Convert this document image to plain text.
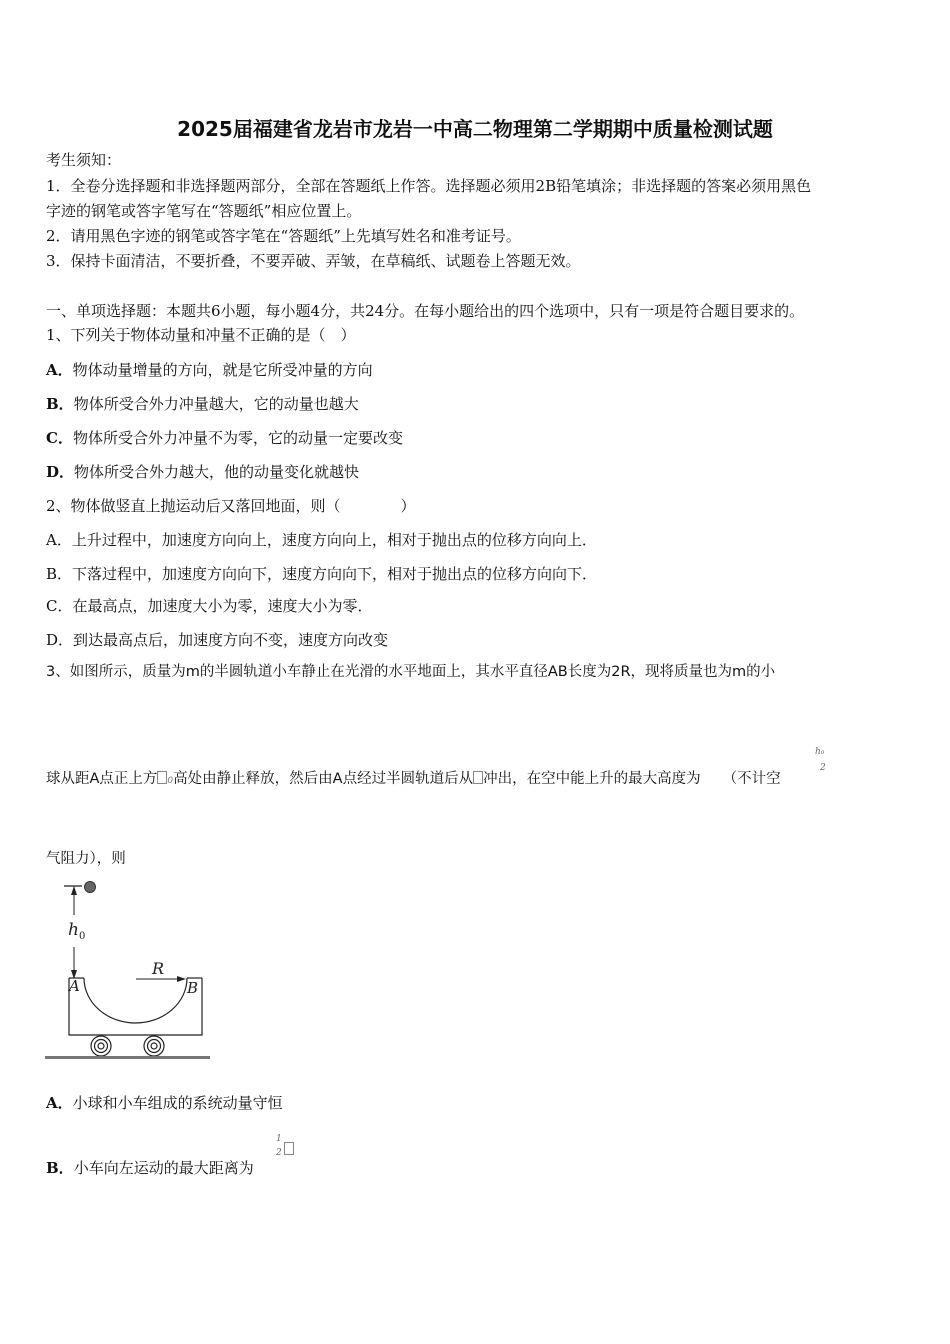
2025届福建省龙岩市龙岩一中高二物理第二学期期中质量检测试题
考生须知：
1．全卷分选择题和非选择题两部分，全部在答题纸上作答。选择题必须用2B铅笔填涂；非选择题的答案必须用黑色
字迹的钢笔或答字笔写在“答题纸”相应位置上。
2．请用黑色字迹的钢笔或答字笔在“答题纸”上先填写姓名和准考证号。
3．保持卡面清洁，不要折叠，不要弄破、弄皱，在草稿纸、试题卷上答题无效。
一、单项选择题：本题共6小题，每小题4分，共24分。在每小题给出的四个选项中，只有一项是符合题目要求的。
1、下列关于物体动量和冲量不正确的是（　）
A．物体动量增量的方向，就是它所受冲量的方向
B．物体所受合外力冲量越大，它的动量也越大
C．物体所受合外力冲量不为零，它的动量一定要改变
D．物体所受合外力越大，他的动量变化就越快
2、物体做竖直上抛运动后又落回地面，则（　　　　）
A．上升过程中，加速度方向向上，速度方向向上，相对于抛出点的位移方向向上．
B．下落过程中，加速度方向向下，速度方向向下，相对于抛出点的位移方向向下．
C．在最高点，加速度大小为零，速度大小为零．
D．到达最高点后，加速度方向不变，速度方向改变
3、如图所示，质量为m的半圆轨道小车静止在光滑的水平地面上，其水平直径AB长度为2R，现将质量也为m的小
球从距A点正上方 0高处由静止释放，然后由A点经过半圆轨道后从 冲出，在空中能上升的最大高度为 （不计空
h₀
2
气阻力），则
h 0
R
A	B
A．小球和小车组成的系统动量守恒
B．小车向左运动的最大距离为
1
2
